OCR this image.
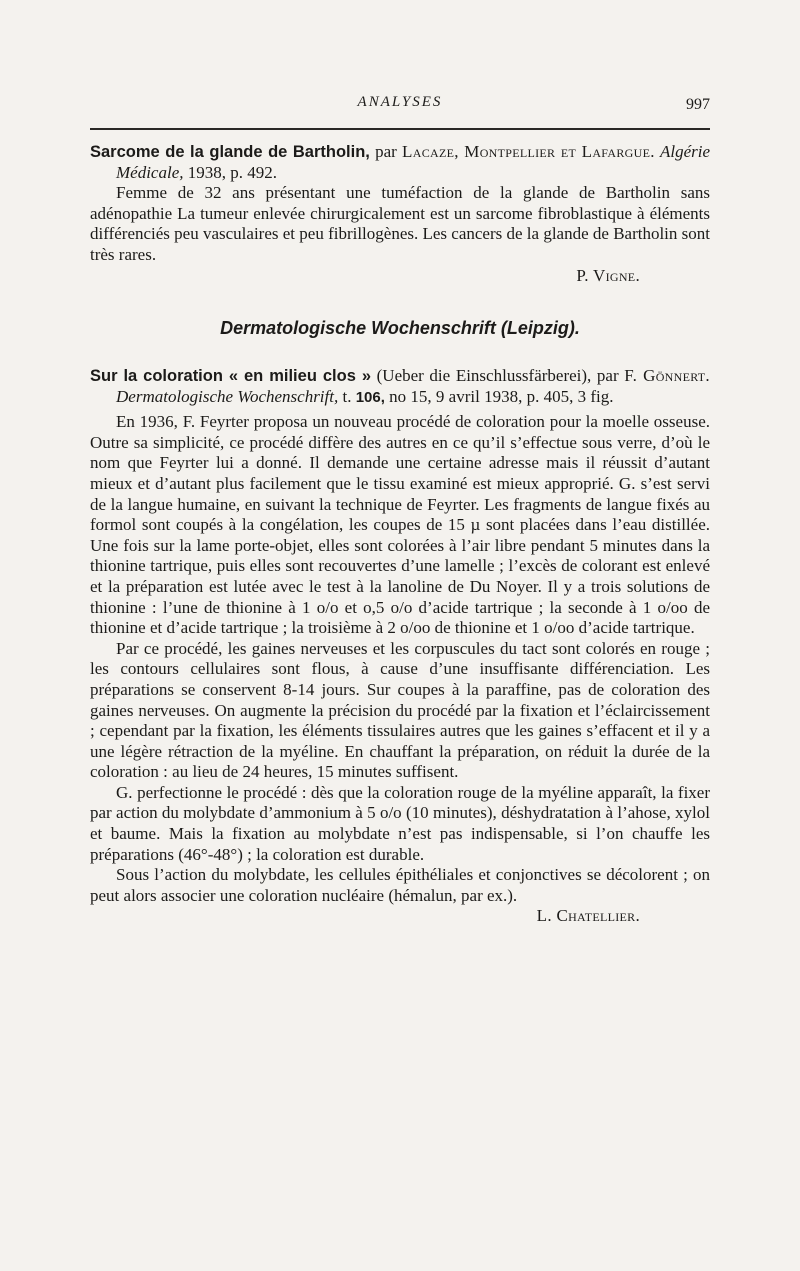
ANALYSES	997

Sarcome de la glande de Bartholin, par Lacaze, Montpellier et Lafargue. Algérie Médicale, 1938, p. 492.

Femme de 32 ans présentant une tuméfaction de la glande de Bartholin sans adénopathie La tumeur enlevée chirurgicalement est un sarcome fibroblastique à éléments différenciés peu vasculaires et peu fibrillogènes. Les cancers de la glande de Bartholin sont très rares.

P. Vigne.

Dermatologische Wochenschrift (Leipzig).

Sur la coloration « en milieu clos » (Ueber die Einschlussfärberei), par F. Gönnert. Dermatologische Wochenschrift, t. 106, no 15, 9 avril 1938, p. 405, 3 fig.

En 1936, F. Feyrter proposa un nouveau procédé de coloration pour la moelle osseuse. Outre sa simplicité, ce procédé diffère des autres en ce qu’il s’effectue sous verre, d’où le nom que Feyrter lui a donné. Il demande une certaine adresse mais il réussit d’autant mieux et d’autant plus facilement que le tissu examiné est mieux approprié. G. s’est servi de la langue humaine, en suivant la technique de Feyrter. Les fragments de langue fixés au formol sont coupés à la congélation, les coupes de 15 µ sont placées dans l’eau distillée. Une fois sur la lame porte-objet, elles sont colorées à l’air libre pendant 5 minutes dans la thionine tartrique, puis elles sont recouvertes d’une lamelle ; l’excès de colorant est enlevé et la préparation est lutée avec le test à la lanoline de Du Noyer. Il y a trois solutions de thionine : l’une de thionine à 1 o/o et o,5 o/o d’acide tartrique ; la seconde à 1 o/oo de thionine et d’acide tartrique ; la troisième à 2 o/oo de thionine et 1 o/oo d’acide tartrique.

Par ce procédé, les gaines nerveuses et les corpuscules du tact sont colorés en rouge ; les contours cellulaires sont flous, à cause d’une insuffisante différenciation. Les préparations se conservent 8-14 jours. Sur coupes à la paraffine, pas de coloration des gaines nerveuses. On augmente la précision du procédé par la fixation et l’éclaircissement ; cependant par la fixation, les éléments tissulaires autres que les gaines s’effacent et il y a une légère rétraction de la myéline. En chauffant la préparation, on réduit la durée de la coloration : au lieu de 24 heures, 15 minutes suffisent.

G. perfectionne le procédé : dès que la coloration rouge de la myéline apparaît, la fixer par action du molybdate d’ammonium à 5 o/o (10 minutes), déshydratation à l’ahose, xylol et baume. Mais la fixation au molybdate n’est pas indispensable, si l’on chauffe les préparations (46°-48°) ; la coloration est durable.

Sous l’action du molybdate, les cellules épithéliales et conjonctives se décolorent ; on peut alors associer une coloration nucléaire (hémalun, par ex.).
L. Chatellier.
